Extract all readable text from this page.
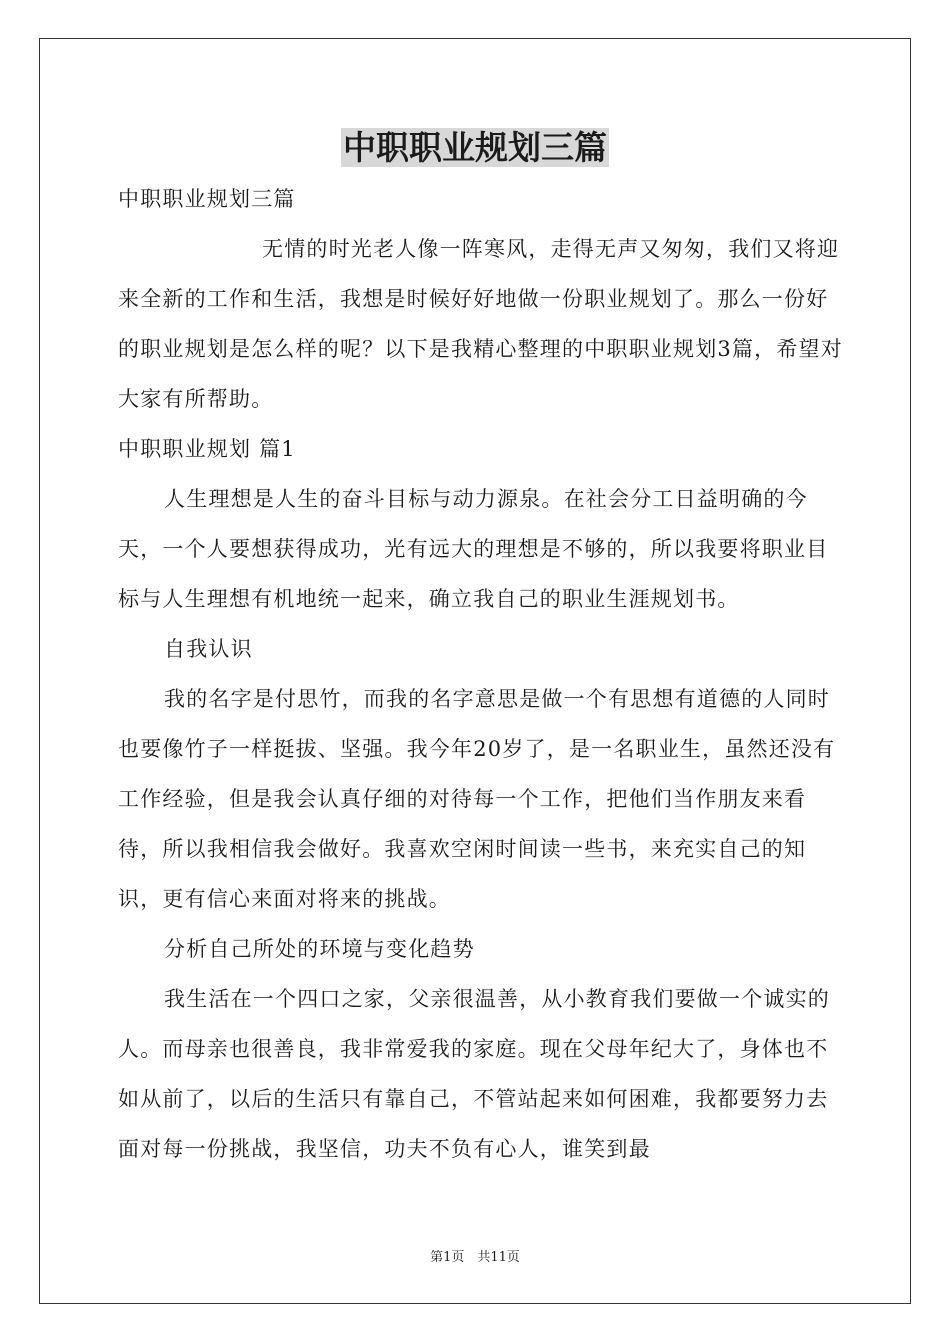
中职职业规划三篇

中职职业规划三篇

无情的时光老人像一阵寒风，走得无声又匆匆，我们又将迎来全新的工作和生活，我想是时候好好地做一份职业规划了。那么一份好的职业规划是怎么样的呢？以下是我精心整理的中职职业规划3篇，希望对大家有所帮助。

中职职业规划 篇1

人生理想是人生的奋斗目标与动力源泉。在社会分工日益明确的今天，一个人要想获得成功，光有远大的理想是不够的，所以我要将职业目标与人生理想有机地统一起来，确立我自己的职业生涯规划书。

自我认识

我的名字是付思竹，而我的名字意思是做一个有思想有道德的人同时也要像竹子一样挺拔、坚强。我今年20岁了，是一名职业生，虽然还没有工作经验，但是我会认真仔细的对待每一个工作，把他们当作朋友来看待，所以我相信我会做好。我喜欢空闲时间读一些书，来充实自己的知识，更有信心来面对将来的挑战。

分析自己所处的环境与变化趋势

我生活在一个四口之家，父亲很温善，从小教育我们要做一个诚实的人。而母亲也很善良，我非常爱我的家庭。现在父母年纪大了，身体也不如从前了，以后的生活只有靠自己，不管站起来如何困难，我都要努力去面对每一份挑战，我坚信，功夫不负有心人，谁笑到最

第1页　共11页
